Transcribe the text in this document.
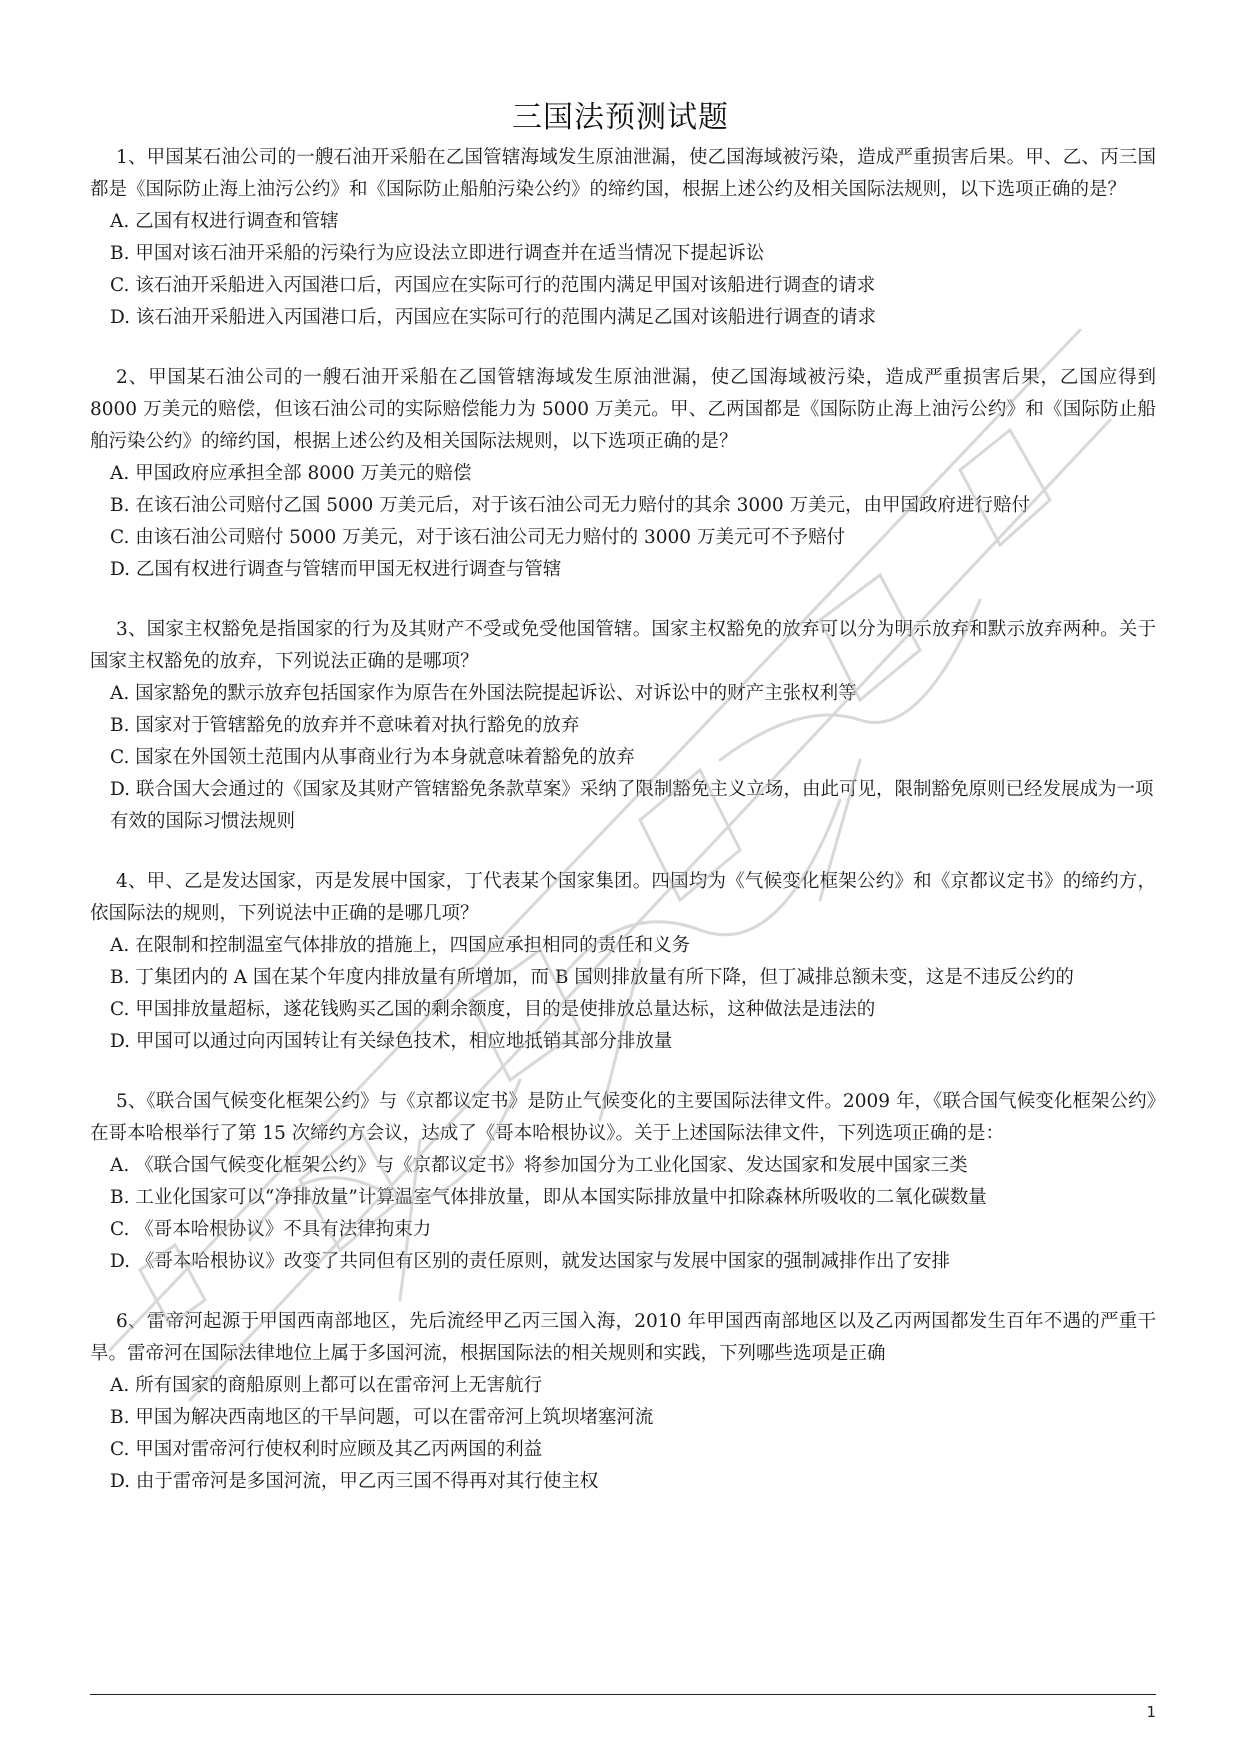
三国法预测试题

1、甲国某石油公司的一艘石油开采船在乙国管辖海域发生原油泄漏，使乙国海域被污染，造成严重损害后果。甲、乙、丙三国都是《国际防止海上油污公约》和《国际防止船舶污染公约》的缔约国，根据上述公约及相关国际法规则，以下选项正确的是？

A. 乙国有权进行调查和管辖

B. 甲国对该石油开采船的污染行为应设法立即进行调查并在适当情况下提起诉讼

C. 该石油开采船进入丙国港口后，丙国应在实际可行的范围内满足甲国对该船进行调查的请求

D. 该石油开采船进入丙国港口后，丙国应在实际可行的范围内满足乙国对该船进行调查的请求

2、甲国某石油公司的一艘石油开采船在乙国管辖海域发生原油泄漏，使乙国海域被污染，造成严重损害后果，乙国应得到 8000 万美元的赔偿，但该石油公司的实际赔偿能力为 5000 万美元。甲、乙两国都是《国际防止海上油污公约》和《国际防止船舶污染公约》的缔约国，根据上述公约及相关国际法规则，以下选项正确的是？

A. 甲国政府应承担全部 8000 万美元的赔偿

B. 在该石油公司赔付乙国 5000 万美元后，对于该石油公司无力赔付的其余 3000 万美元，由甲国政府进行赔付

C. 由该石油公司赔付 5000 万美元，对于该石油公司无力赔付的 3000 万美元可不予赔付

D. 乙国有权进行调查与管辖而甲国无权进行调查与管辖

3、国家主权豁免是指国家的行为及其财产不受或免受他国管辖。国家主权豁免的放弃可以分为明示放弃和默示放弃两种。关于国家主权豁免的放弃，下列说法正确的是哪项？

A. 国家豁免的默示放弃包括国家作为原告在外国法院提起诉讼、对诉讼中的财产主张权利等

B. 国家对于管辖豁免的放弃并不意味着对执行豁免的放弃

C. 国家在外国领土范围内从事商业行为本身就意味着豁免的放弃

D. 联合国大会通过的《国家及其财产管辖豁免条款草案》采纳了限制豁免主义立场，由此可见，限制豁免原则已经发展成为一项有效的国际习惯法规则

4、甲、乙是发达国家，丙是发展中国家，丁代表某个国家集团。四国均为《气候变化框架公约》和《京都议定书》的缔约方，依国际法的规则，下列说法中正确的是哪几项？

A. 在限制和控制温室气体排放的措施上，四国应承担相同的责任和义务

B. 丁集团内的 A 国在某个年度内排放量有所增加，而 B 国则排放量有所下降，但丁减排总额未变，这是不违反公约的

C. 甲国排放量超标，遂花钱购买乙国的剩余额度，目的是使排放总量达标，这种做法是违法的

D. 甲国可以通过向丙国转让有关绿色技术，相应地抵销其部分排放量

5、《联合国气候变化框架公约》与《京都议定书》是防止气候变化的主要国际法律文件。2009 年，《联合国气候变化框架公约》在哥本哈根举行了第 15 次缔约方会议，达成了《哥本哈根协议》。关于上述国际法律文件，下列选项正确的是：

A. 《联合国气候变化框架公约》与《京都议定书》将参加国分为工业化国家、发达国家和发展中国家三类

B. 工业化国家可以“净排放量”计算温室气体排放量，即从本国实际排放量中扣除森林所吸收的二氧化碳数量

C. 《哥本哈根协议》不具有法律拘束力

D. 《哥本哈根协议》改变了共同但有区别的责任原则，就发达国家与发展中国家的强制减排作出了安排

6、雷帝河起源于甲国西南部地区，先后流经甲乙丙三国入海，2010 年甲国西南部地区以及乙丙两国都发生百年不遇的严重干旱。雷帝河在国际法律地位上属于多国河流，根据国际法的相关规则和实践，下列哪些选项是正确

A. 所有国家的商船原则上都可以在雷帝河上无害航行

B. 甲国为解决西南地区的干旱问题，可以在雷帝河上筑坝堵塞河流

C. 甲国对雷帝河行使权利时应顾及其乙丙两国的利益

D. 由于雷帝河是多国河流，甲乙丙三国不得再对其行使主权

1
